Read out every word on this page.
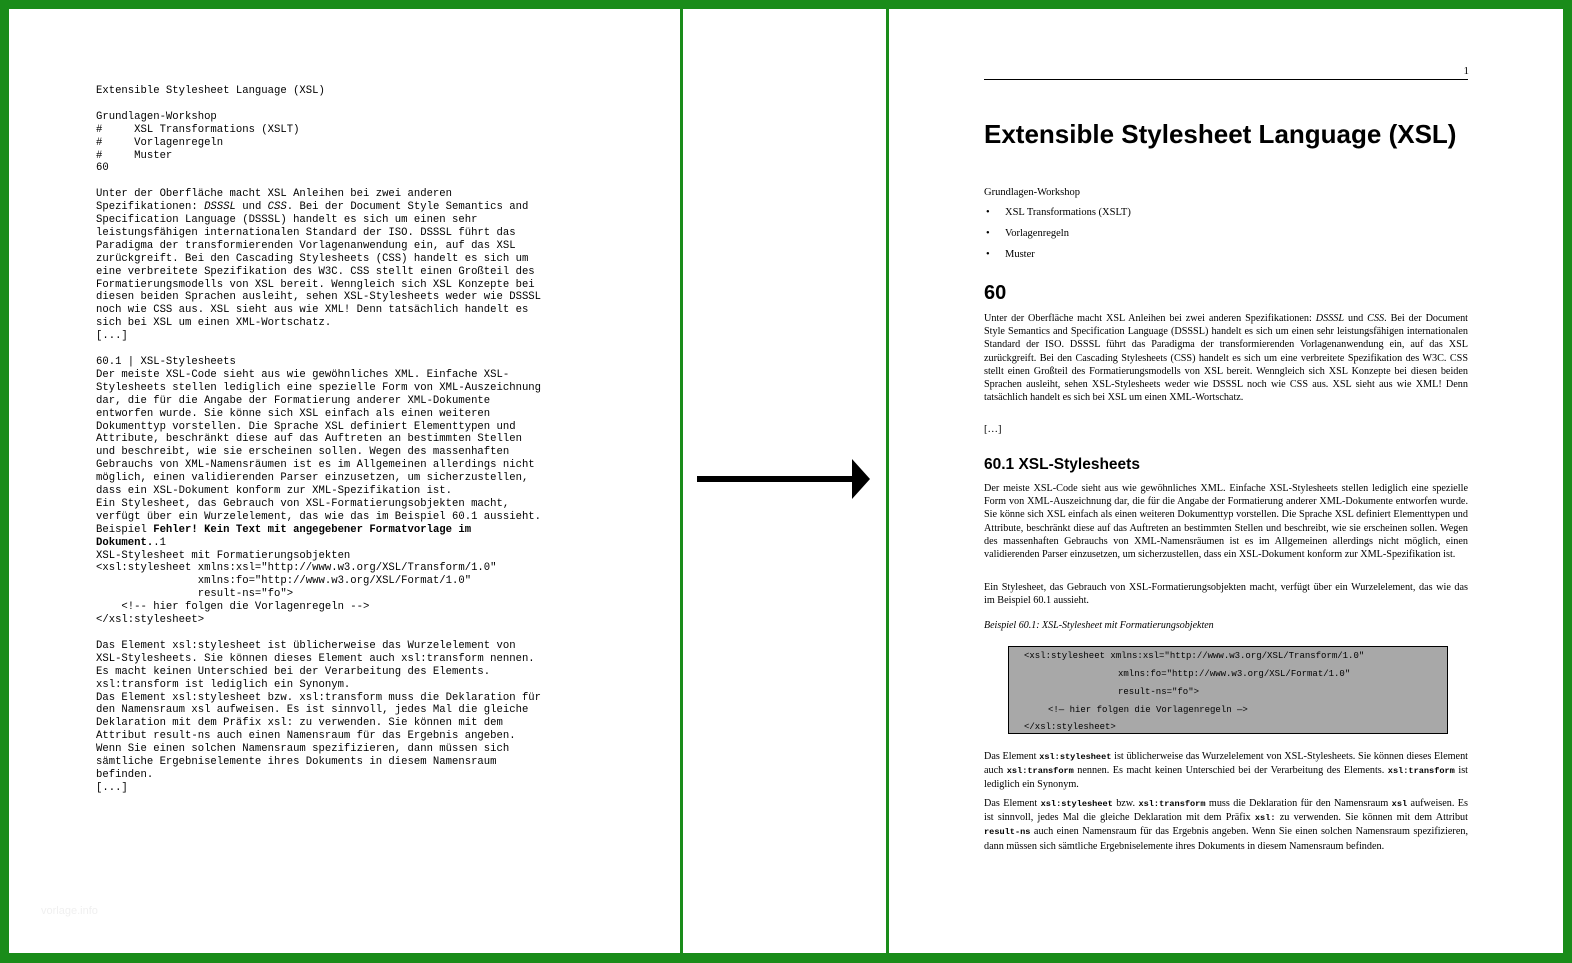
Extensible Stylesheet Language (XSL)
Grundlagen-Workshop
#     XSL Transformations (XSLT)
#     Vorlagenregeln
#     Muster
60
Unter der Oberfläche macht XSL Anleihen bei zwei anderen
Spezifikationen: DSSSL und CSS. Bei der Document Style Semantics and
Specification Language (DSSSL) handelt es sich um einen sehr
leistungsfähigen internationalen Standard der ISO. DSSSL führt das
Paradigma der transformierenden Vorlagenanwendung ein, auf das XSL
zurückgreift. Bei den Cascading Stylesheets (CSS) handelt es sich um
eine verbreitete Spezifikation des W3C. CSS stellt einen Großteil des
Formatierungsmodells von XSL bereit. Wenngleich sich XSL Konzepte bei
diesen beiden Sprachen ausleiht, sehen XSL-Stylesheets weder wie DSSSL
noch wie CSS aus. XSL sieht aus wie XML! Denn tatsächlich handelt es
sich bei XSL um einen XML-Wortschatz.
[...]
60.1 | XSL-Stylesheets
Der meiste XSL-Code sieht aus wie gewöhnliches XML. Einfache XSL-
Stylesheets stellen lediglich eine spezielle Form von XML-Auszeichnung
dar, die für die Angabe der Formatierung anderer XML-Dokumente
entworfen wurde. Sie könne sich XSL einfach als einen weiteren
Dokumenttyp vorstellen. Die Sprache XSL definiert Elementtypen und
Attribute, beschränkt diese auf das Auftreten an bestimmten Stellen
und beschreibt, wie sie erscheinen sollen. Wegen des massenhaften
Gebrauchs von XML-Namensräumen ist es im Allgemeinen allerdings nicht
möglich, einen validierenden Parser einzusetzen, um sicherzustellen,
dass ein XSL-Dokument konform zur XML-Spezifikation ist.
Ein Stylesheet, das Gebrauch von XSL-Formatierungsobjekten macht,
verfügt über ein Wurzelelement, das wie das im Beispiel 60.1 aussieht.
Beispiel Fehler! Kein Text mit angegebener Formatvorlage im
Dokument..1
XSL-Stylesheet mit Formatierungsobjekten
<xsl:stylesheet xmlns:xsl="http://www.w3.org/XSL/Transform/1.0"
xmlns:fo="http://www.w3.org/XSL/Format/1.0"
result-ns="fo">
<!-- hier folgen die Vorlagenregeln -->
</xsl:stylesheet>
Das Element xsl:stylesheet ist üblicherweise das Wurzelelement von
XSL-Stylesheets. Sie können dieses Element auch xsl:transform nennen.
Es macht keinen Unterschied bei der Verarbeitung des Elements.
xsl:transform ist lediglich ein Synonym.
Das Element xsl:stylesheet bzw. xsl:transform muss die Deklaration für
den Namensraum xsl aufweisen. Es ist sinnvoll, jedes Mal die gleiche
Deklaration mit dem Präfix xsl: zu verwenden. Sie können mit dem
Attribut result-ns auch einen Namensraum für das Ergebnis angeben.
Wenn Sie einen solchen Namensraum spezifizieren, dann müssen sich
sämtliche Ergebniselemente ihres Dokuments in diesem Namensraum
befinden.
[...]
vorlage.info
1
Extensible Stylesheet Language (XSL)
Grundlagen-Workshop
• XSL Transformations (XSLT)
• Vorlagenregeln
• Muster
60
Unter der Oberfläche macht XSL Anleihen bei zwei anderen Spezifikationen: DSSSL und CSS. Bei der Document Style Semantics and Specification Language (DSSSL) handelt es sich um einen sehr leistungsfähigen internationalen Standard der ISO. DSSSL führt das Paradigma der transformierenden Vorlagenanwendung ein, auf das XSL zurückgreift. Bei den Cascading Stylesheets (CSS) handelt es sich um eine verbreitete Spezifikation des W3C. CSS stellt einen Großteil des Formatierungsmodells von XSL bereit. Wenngleich sich XSL Konzepte bei diesen beiden Sprachen ausleiht, sehen XSL-Stylesheets weder wie DSSSL noch wie CSS aus. XSL sieht aus wie XML! Denn tatsächlich handelt es sich bei XSL um einen XML-Wortschatz.
[…]
60.1 XSL-Stylesheets
Der meiste XSL-Code sieht aus wie gewöhnliches XML. Einfache XSL-Stylesheets stellen lediglich eine spezielle Form von XML-Auszeichnung dar, die für die Angabe der Formatierung anderer XML-Dokumente entworfen wurde. Sie könne sich XSL einfach als einen weiteren Dokumenttyp vorstellen. Die Sprache XSL definiert Elementtypen und Attribute, beschränkt diese auf das Auftreten an bestimmten Stellen und beschreibt, wie sie erscheinen sollen. Wegen des massenhaften Gebrauchs von XML-Namensräumen ist es im Allgemeinen allerdings nicht möglich, einen validierenden Parser einzusetzen, um sicherzustellen, dass ein XSL-Dokument konform zur XML-Spezifikation ist.
Ein Stylesheet, das Gebrauch von XSL-Formatierungsobjekten macht, verfügt über ein Wurzelelement, das wie das im Beispiel 60.1 aussieht.
Beispiel 60.1: XSL-Stylesheet mit Formatierungsobjekten
<xsl:stylesheet xmlns:xsl="http://www.w3.org/XSL/Transform/1.0"
xmlns:fo="http://www.w3.org/XSL/Format/1.0"
result-ns="fo">
<!— hier folgen die Vorlagenregeln —>
</xsl:stylesheet>
Das Element xsl:stylesheet ist üblicherweise das Wurzelelement von XSL-Stylesheets. Sie können dieses Element auch xsl:transform nennen. Es macht keinen Unterschied bei der Verarbeitung des Elements. xsl:transform ist lediglich ein Synonym.
Das Element xsl:stylesheet bzw. xsl:transform muss die Deklaration für den Namensraum xsl aufweisen. Es ist sinnvoll, jedes Mal die gleiche Deklaration mit dem Präfix xsl: zu verwenden. Sie können mit dem Attribut result-ns auch einen Namensraum für das Ergebnis angeben. Wenn Sie einen solchen Namensraum spezifizieren, dann müssen sich sämtliche Ergebniselemente ihres Dokuments in diesem Namensraum befinden.
